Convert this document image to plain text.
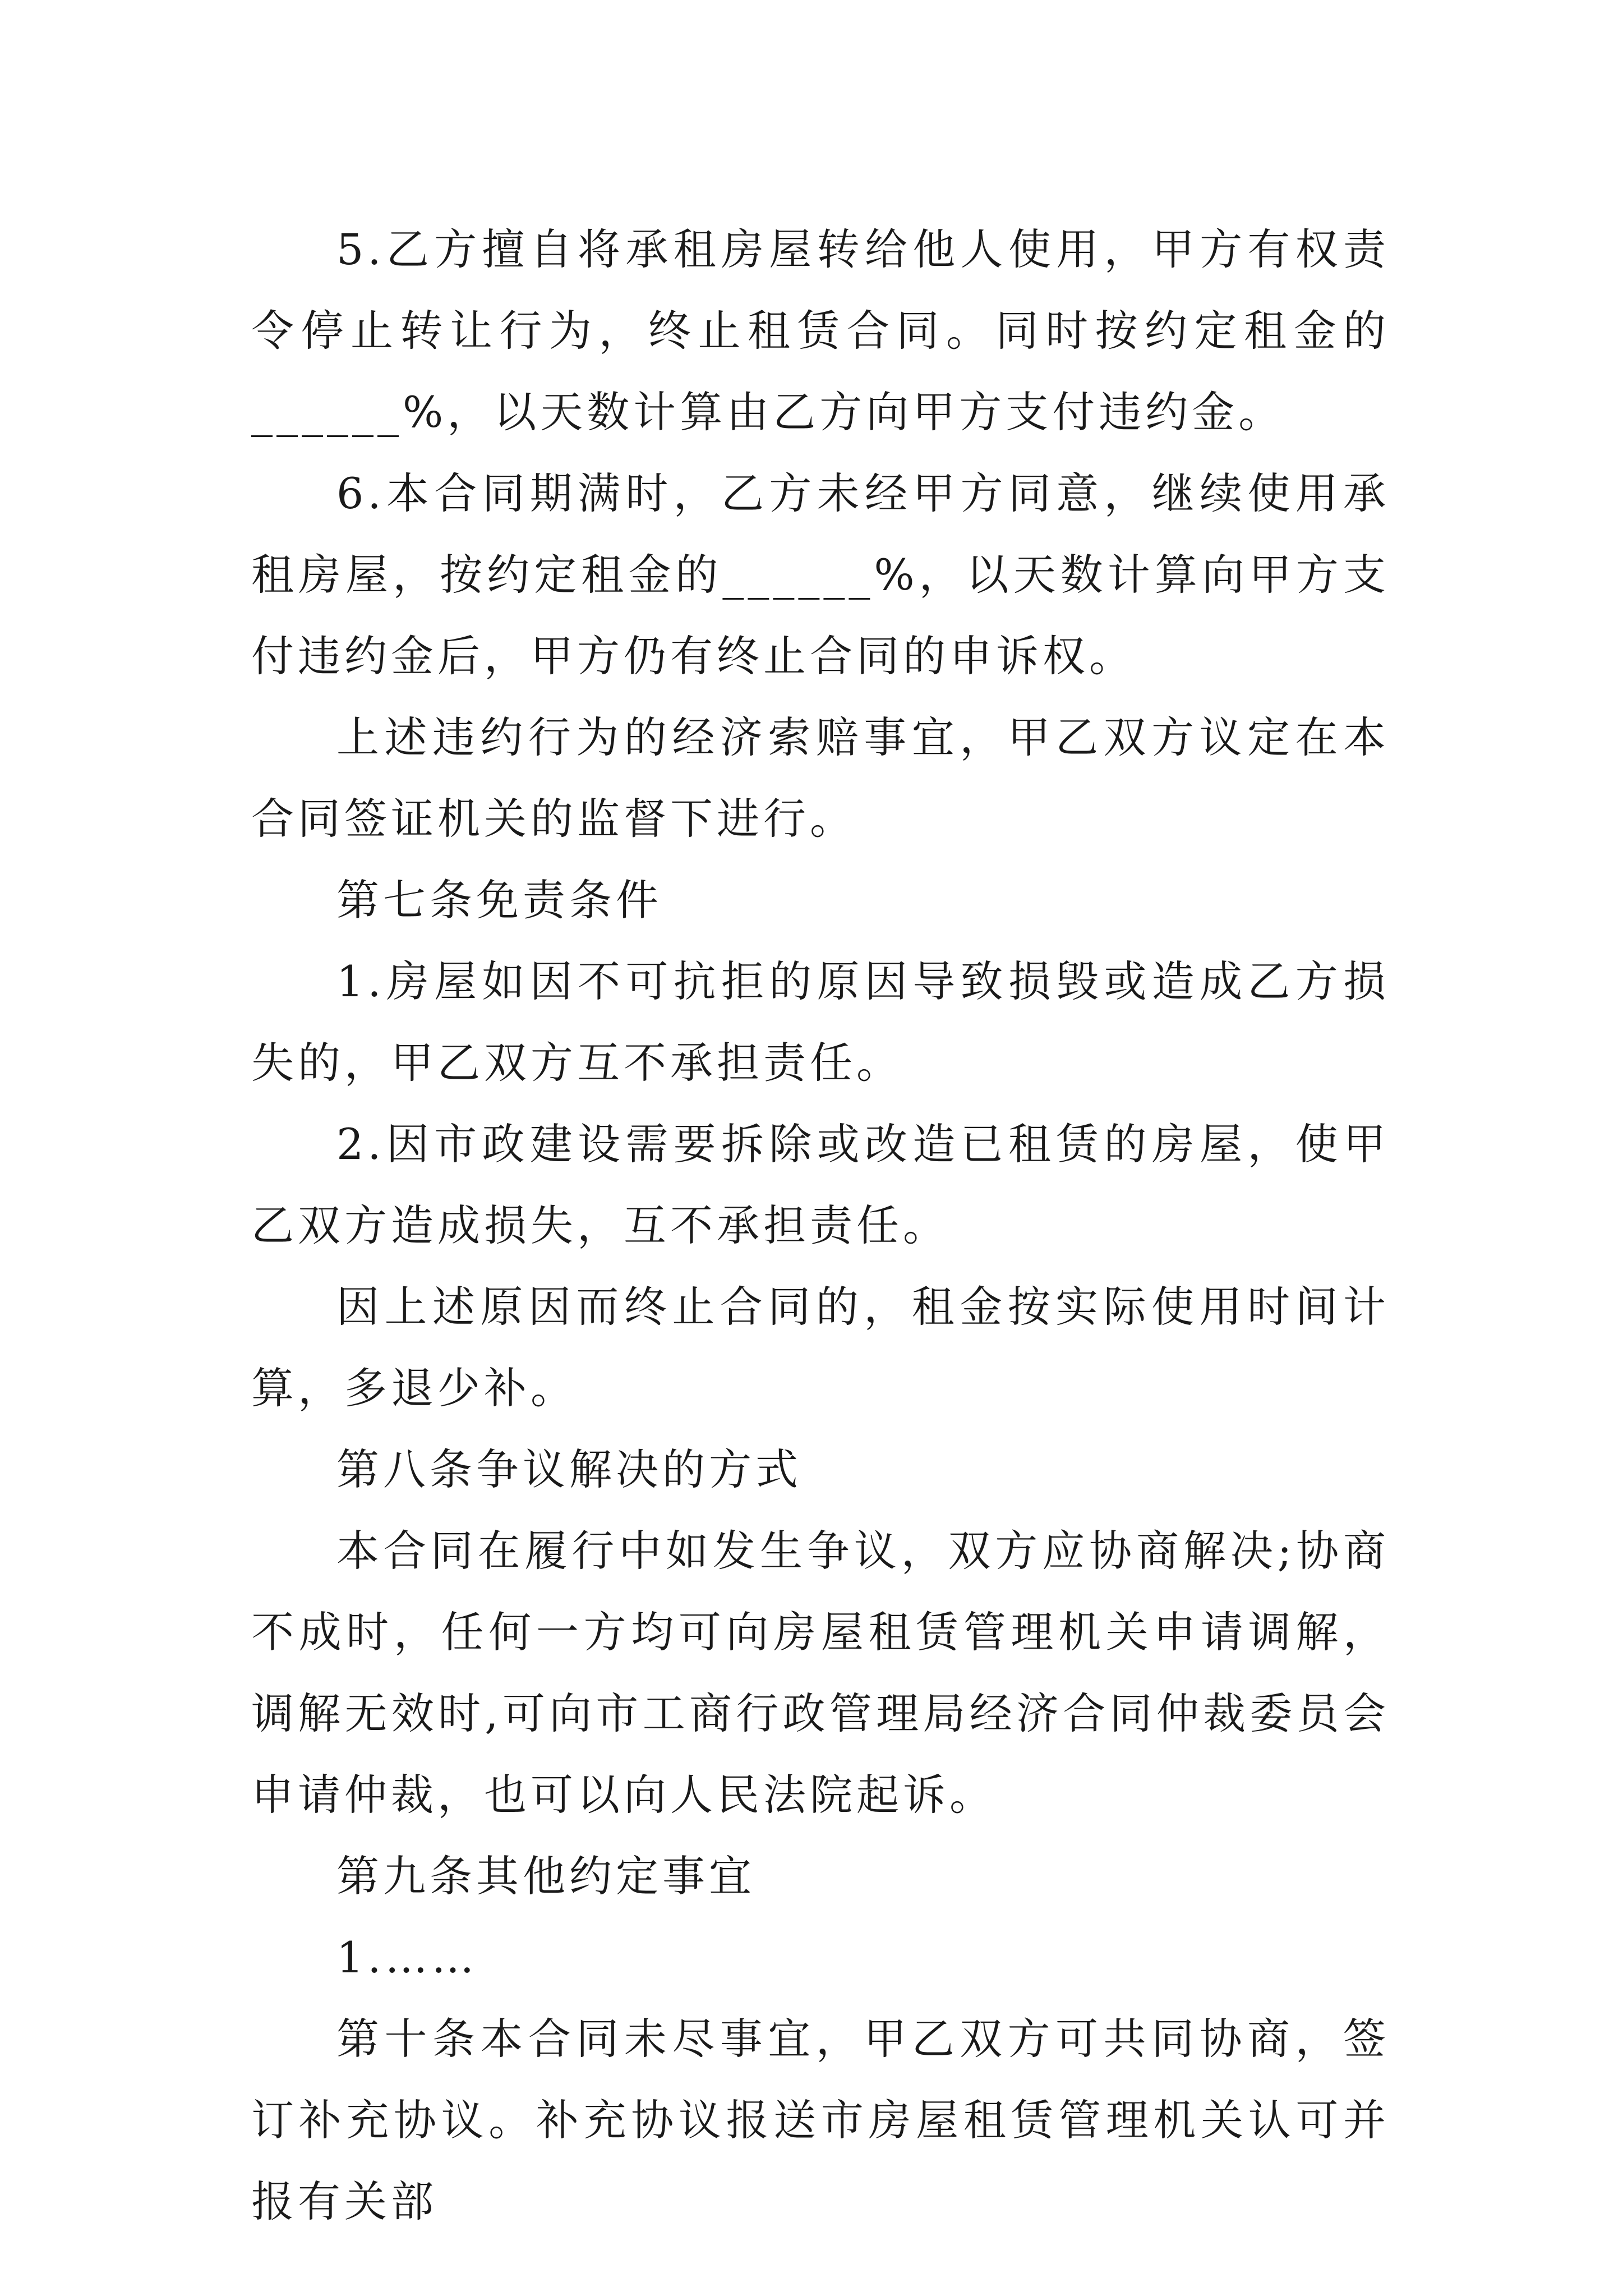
5.乙方擅自将承租房屋转给他人使用，甲方有权责令停止转让行为，终止租赁合同。同时按约定租金的______%，以天数计算由乙方向甲方支付违约金。

6.本合同期满时，乙方未经甲方同意，继续使用承租房屋，按约定租金的______%，以天数计算向甲方支付违约金后，甲方仍有终止合同的申诉权。

上述违约行为的经济索赔事宜，甲乙双方议定在本合同签证机关的监督下进行。

第七条免责条件

1.房屋如因不可抗拒的原因导致损毁或造成乙方损失的，甲乙双方互不承担责任。

2.因市政建设需要拆除或改造已租赁的房屋，使甲乙双方造成损失，互不承担责任。

因上述原因而终止合同的，租金按实际使用时间计算，多退少补。

第八条争议解决的方式

本合同在履行中如发生争议，双方应协商解决;协商不成时，任何一方均可向房屋租赁管理机关申请调解，调解无效时,可向市工商行政管理局经济合同仲裁委员会申请仲裁，也可以向人民法院起诉。

第九条其他约定事宜

1.……

第十条本合同未尽事宜，甲乙双方可共同协商，签订补充协议。补充协议报送市房屋租赁管理机关认可并报有关部
